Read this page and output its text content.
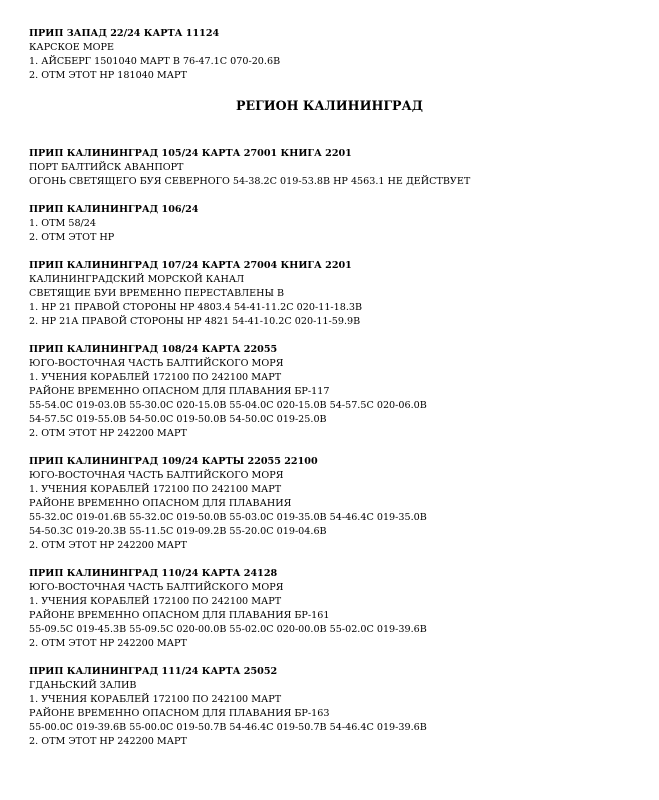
ПРИП ЗАПАД 22/24 КАРТА 11124
КАРСКОЕ МОРЕ
1. АЙСБЕРГ 1501040 МАРТ В 76-47.1С 070-20.6В
2. ОТМ ЭТОТ НР 181040 МАРТ
РЕГИОН КАЛИНИНГРАД
ПРИП КАЛИНИНГРАД 105/24 КАРТА 27001 КНИГА 2201
ПОРТ БАЛТИЙСК АВАНПОРТ
ОГОНЬ СВЕТЯЩЕГО БУЯ СЕВЕРНОГО 54-38.2С 019-53.8В НР 4563.1 НЕ ДЕЙСТВУЕТ
ПРИП КАЛИНИНГРАД 106/24
1. ОТМ 58/24
2. ОТМ ЭТОТ НР
ПРИП КАЛИНИНГРАД 107/24 КАРТА 27004 КНИГА 2201
КАЛИНИНГРАДСКИЙ МОРСКОЙ КАНАЛ
СВЕТЯЩИЕ БУИ ВРЕМЕННО ПЕРЕСТАВЛЕНЫ В
1. НР 21 ПРАВОЙ СТОРОНЫ НР 4803.4 54-41-11.2С 020-11-18.3В
2. НР 21А ПРАВОЙ СТОРОНЫ НР 4821 54-41-10.2С 020-11-59.9В
ПРИП КАЛИНИНГРАД 108/24 КАРТА 22055
ЮГО-ВОСТОЧНАЯ ЧАСТЬ БАЛТИЙСКОГО МОРЯ
1. УЧЕНИЯ КОРАБЛЕЙ 172100 ПО 242100 МАРТ
РАЙОНЕ ВРЕМЕННО ОПАСНОМ ДЛЯ ПЛАВАНИЯ БР-117
55-54.0С 019-03.0В 55-30.0С 020-15.0В 55-04.0С 020-15.0В 54-57.5С 020-06.0В
54-57.5С 019-55.0В 54-50.0С 019-50.0В 54-50.0С 019-25.0В
2. ОТМ ЭТОТ НР 242200 МАРТ
ПРИП КАЛИНИНГРАД 109/24 КАРТЫ 22055 22100
ЮГО-ВОСТОЧНАЯ ЧАСТЬ БАЛТИЙСКОГО МОРЯ
1. УЧЕНИЯ КОРАБЛЕЙ 172100 ПО 242100 МАРТ
РАЙОНЕ ВРЕМЕННО ОПАСНОМ ДЛЯ ПЛАВАНИЯ
55-32.0С 019-01.6В 55-32.0С 019-50.0В 55-03.0С 019-35.0В 54-46.4С 019-35.0В
54-50.3С 019-20.3В 55-11.5С 019-09.2В 55-20.0С 019-04.6В
2. ОТМ ЭТОТ НР 242200 МАРТ
ПРИП КАЛИНИНГРАД 110/24 КАРТА 24128
ЮГО-ВОСТОЧНАЯ ЧАСТЬ БАЛТИЙСКОГО МОРЯ
1. УЧЕНИЯ КОРАБЛЕЙ 172100 ПО 242100 МАРТ
РАЙОНЕ ВРЕМЕННО ОПАСНОМ ДЛЯ ПЛАВАНИЯ БР-161
55-09.5С 019-45.3В 55-09.5С 020-00.0В 55-02.0С 020-00.0В 55-02.0С 019-39.6В
2. ОТМ ЭТОТ НР 242200 МАРТ
ПРИП КАЛИНИНГРАД 111/24 КАРТА 25052
ГДАНЬСКИЙ ЗАЛИВ
1. УЧЕНИЯ КОРАБЛЕЙ 172100 ПО 242100 МАРТ
РАЙОНЕ ВРЕМЕННО ОПАСНОМ ДЛЯ ПЛАВАНИЯ БР-163
55-00.0С 019-39.6В 55-00.0С 019-50.7В 54-46.4С 019-50.7В 54-46.4С 019-39.6В
2. ОТМ ЭТОТ НР 242200 МАРТ
